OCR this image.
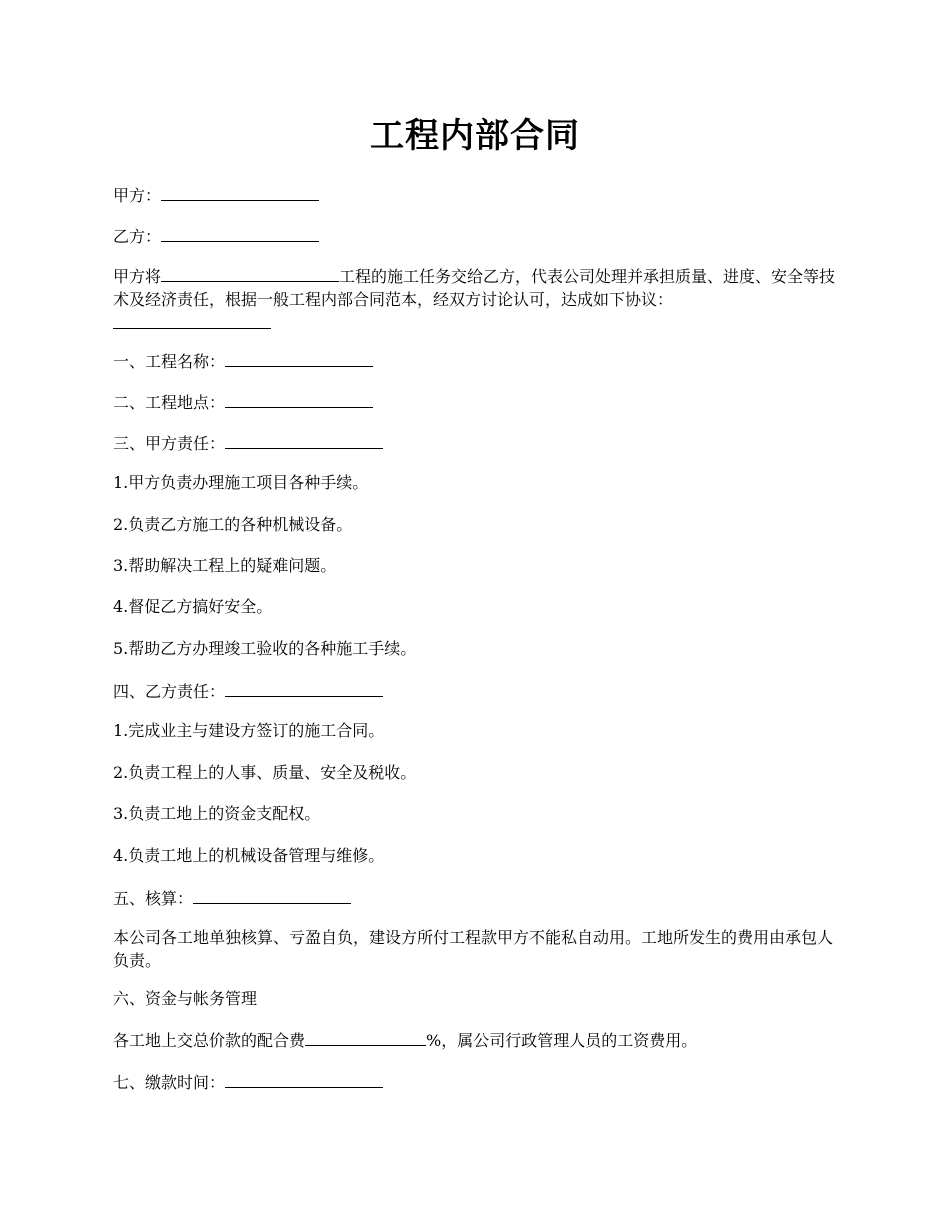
工程内部合同
甲方：
乙方：
甲方将	工程的施工任务交给乙方，代表公司处理并承担质量、进度、安全等技术及经济责任，根据一般工程内部合同范本，经双方讨论认可，达成如下协议：
一、工程名称：
二、工程地点：
三、甲方责任：
1.甲方负责办理施工项目各种手续。
2.负责乙方施工的各种机械设备。
3.帮助解决工程上的疑难问题。
4.督促乙方搞好安全。
5.帮助乙方办理竣工验收的各种施工手续。
四、乙方责任：
1.完成业主与建设方签订的施工合同。
2.负责工程上的人事、质量、安全及税收。
3.负责工地上的资金支配权。
4.负责工地上的机械设备管理与维修。
五、核算：
本公司各工地单独核算、亏盈自负，建设方所付工程款甲方不能私自动用。工地所发生的费用由承包人负责。
六、资金与帐务管理
各工地上交总价款的配合费	%，属公司行政管理人员的工资费用。
七、缴款时间：
